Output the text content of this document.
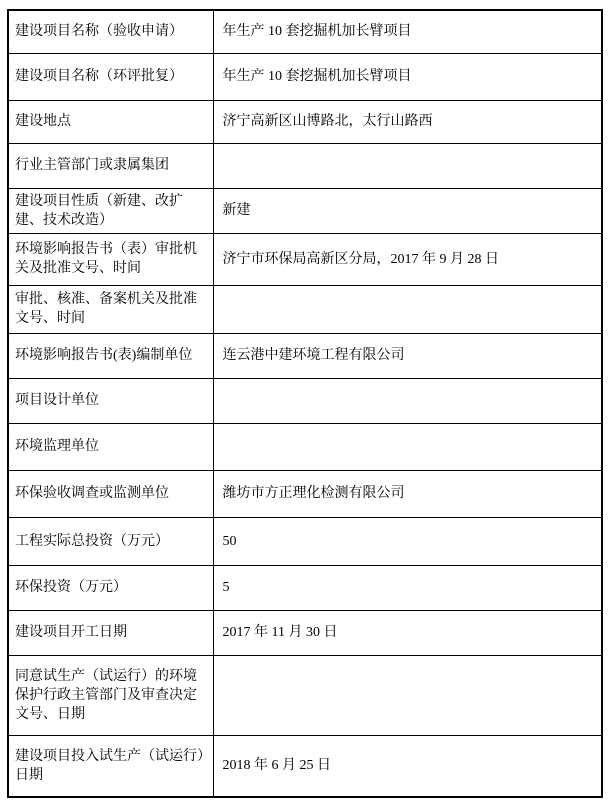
建设项目名称（验收申请）	年生产 10 套挖掘机加长臂项目
建设项目名称（环评批复）	年生产 10 套挖掘机加长臂项目
建设地点	济宁高新区山博路北，太行山路西
行业主管部门或隶属集团	
建设项目性质（新建、改扩建、技术改造）	新建
环境影响报告书（表）审批机关及批准文号、时间	济宁市环保局高新区分局，2017 年 9 月 28 日
审批、核准、备案机关及批准文号、时间	
环境影响报告书(表)编制单位	连云港中建环境工程有限公司
项目设计单位	
环境监理单位	
环保验收调查或监测单位	潍坊市方正理化检测有限公司
工程实际总投资（万元）	50
环保投资（万元）	5
建设项目开工日期	2017 年 11 月 30 日
同意试生产（试运行）的环境保护行政主管部门及审查决定文号、日期	
建设项目投入试生产（试运行）日期	2018 年 6 月 25 日
